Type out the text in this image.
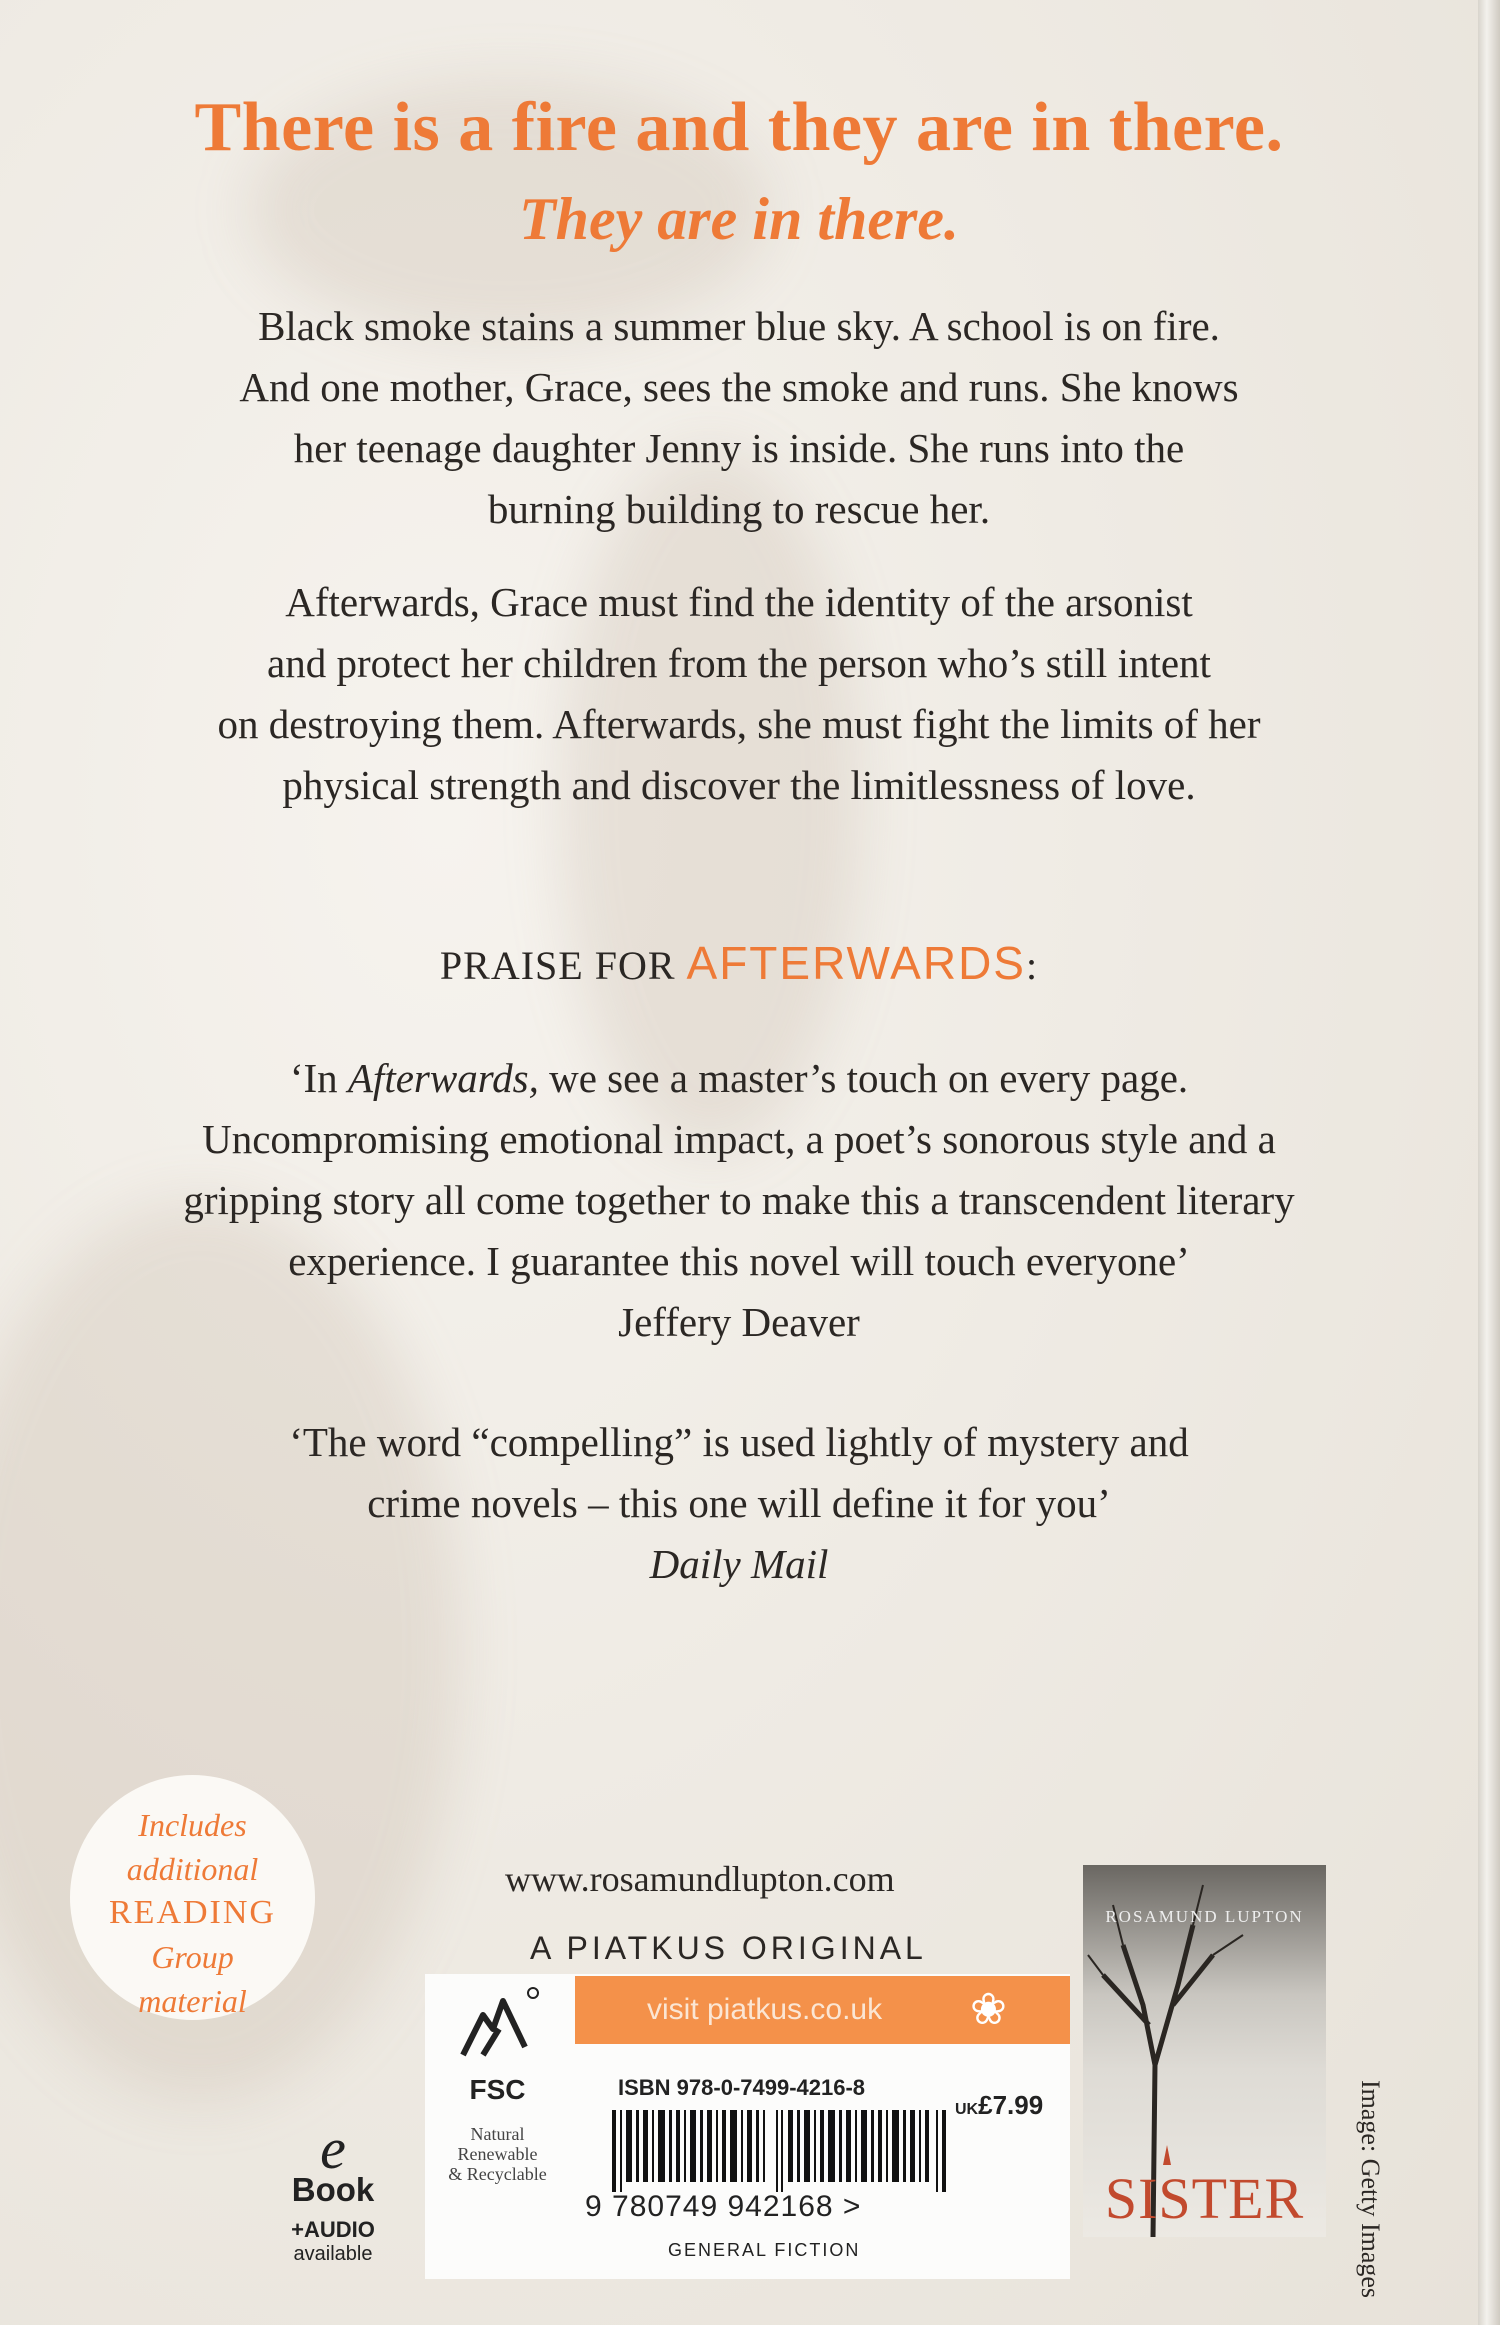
There is a fire and they are in there.
They are in there.
Black smoke stains a summer blue sky. A school is on fire.
And one mother, Grace, sees the smoke and runs. She knows
her teenage daughter Jenny is inside. She runs into the
burning building to rescue her.
Afterwards, Grace must find the identity of the arsonist
and protect her children from the person who’s still intent
on destroying them. Afterwards, she must fight the limits of her
physical strength and discover the limitlessness of love.
PRAISE FOR AFTERWARDS:
‘In Afterwards, we see a master’s touch on every page.
Uncompromising emotional impact, a poet’s sonorous style and a
gripping story all come together to make this a transcendent literary
experience. I guarantee this novel will touch everyone’
Jeffery Deaver
‘The word “compelling” is used lightly of mystery and
crime novels – this one will define it for you’
Daily Mail
Includes
additional
READING
Group
material
www.rosamundlupton.com
A PIATKUS ORIGINAL
visit piatkus.co.uk ❀
FSC
Natural
Renewable
& Recyclable
ISBN 978-0-7499-4216-8
UK£7.99
9 780749 942168 >
GENERAL FICTION
e
Book
+AUDIO
available
ROSAMUND LUPTON
SISTER	Image: Getty Images
